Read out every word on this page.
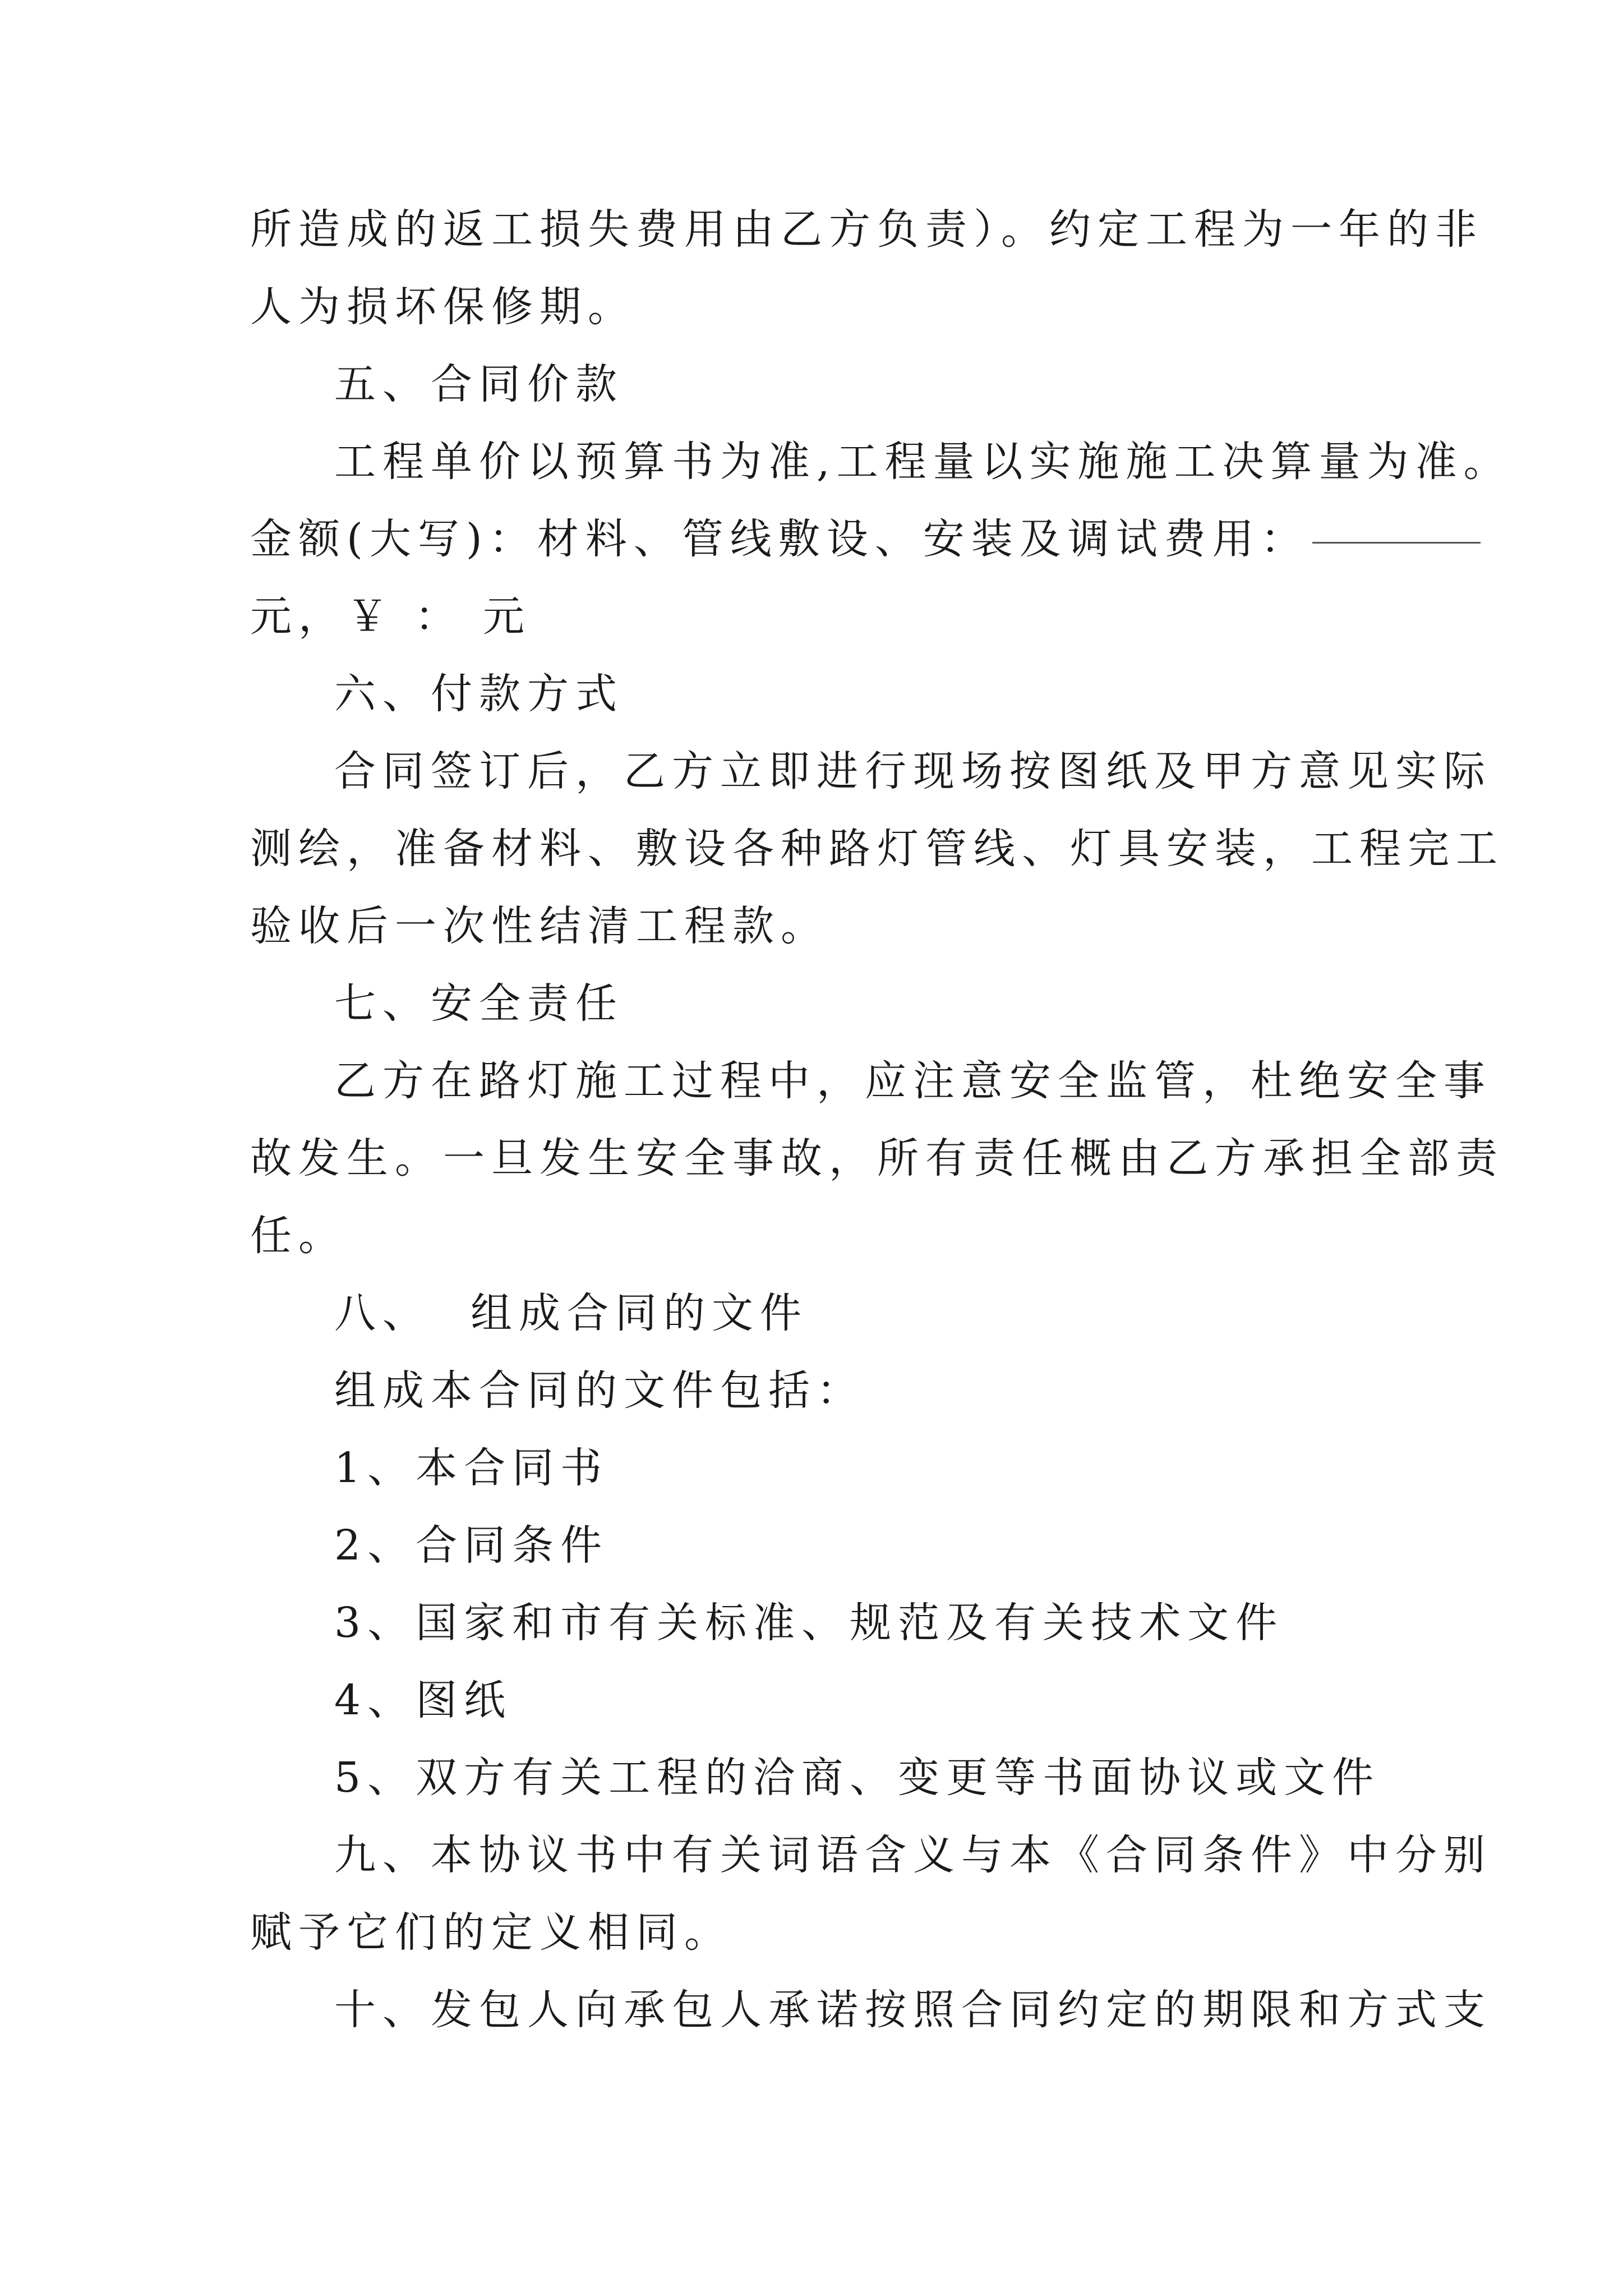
所造成的返工损失费用由乙方负责）。约定工程为一年的非
人为损坏保修期。
五、合同价款
工程单价以预算书为准,工程量以实施施工决算量为准。
金额(大写)：材料、管线敷设、安装及调试费用：
元，￥ ： 元
六、付款方式
合同签订后，乙方立即进行现场按图纸及甲方意见实际
测绘，准备材料、敷设各种路灯管线、灯具安装，工程完工
验收后一次性结清工程款。
七、安全责任
乙方在路灯施工过程中，应注意安全监管，杜绝安全事
故发生。一旦发生安全事故，所有责任概由乙方承担全部责
任。
八、  组成合同的文件
组成本合同的文件包括：
1、本合同书
2、合同条件
3、国家和市有关标准、规范及有关技术文件
4、图纸
5、双方有关工程的洽商、变更等书面协议或文件
九、本协议书中有关词语含义与本《合同条件》中分别
赋予它们的定义相同。
十、发包人向承包人承诺按照合同约定的期限和方式支
